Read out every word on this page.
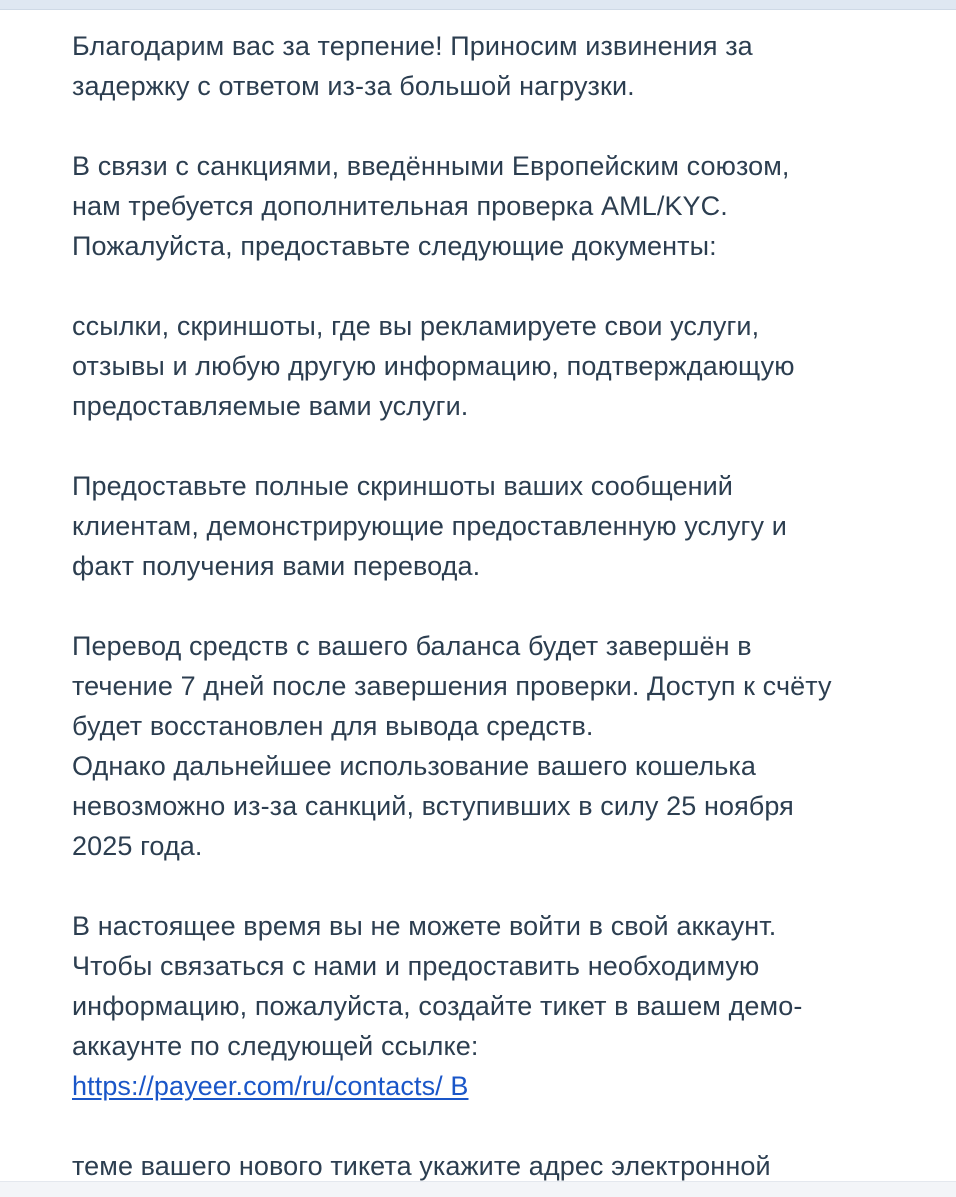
Благодарим вас за терпение! Приносим извинения за
задержку с ответом из-за большой нагрузки.
В связи с санкциями, введёнными Европейским союзом,
нам требуется дополнительная проверка AML/KYC.
Пожалуйста, предоставьте следующие документы:
ссылки, скриншоты, где вы рекламируете свои услуги,
отзывы и любую другую информацию, подтверждающую
предоставляемые вами услуги.
Предоставьте полные скриншоты ваших сообщений
клиентам, демонстрирующие предоставленную услугу и
факт получения вами перевода.
Перевод средств с вашего баланса будет завершён в
течение 7 дней после завершения проверки. Доступ к счёту
будет восстановлен для вывода средств.
Однако дальнейшее использование вашего кошелька
невозможно из-за санкций, вступивших в силу 25 ноября
2025 года.
В настоящее время вы не можете войти в свой аккаунт.
Чтобы связаться с нами и предоставить необходимую
информацию, пожалуйста, создайте тикет в вашем демо-
аккаунте по следующей ссылке:
https://payeer.com/ru/contacts/ В
теме вашего нового тикета укажите адрес электронной
